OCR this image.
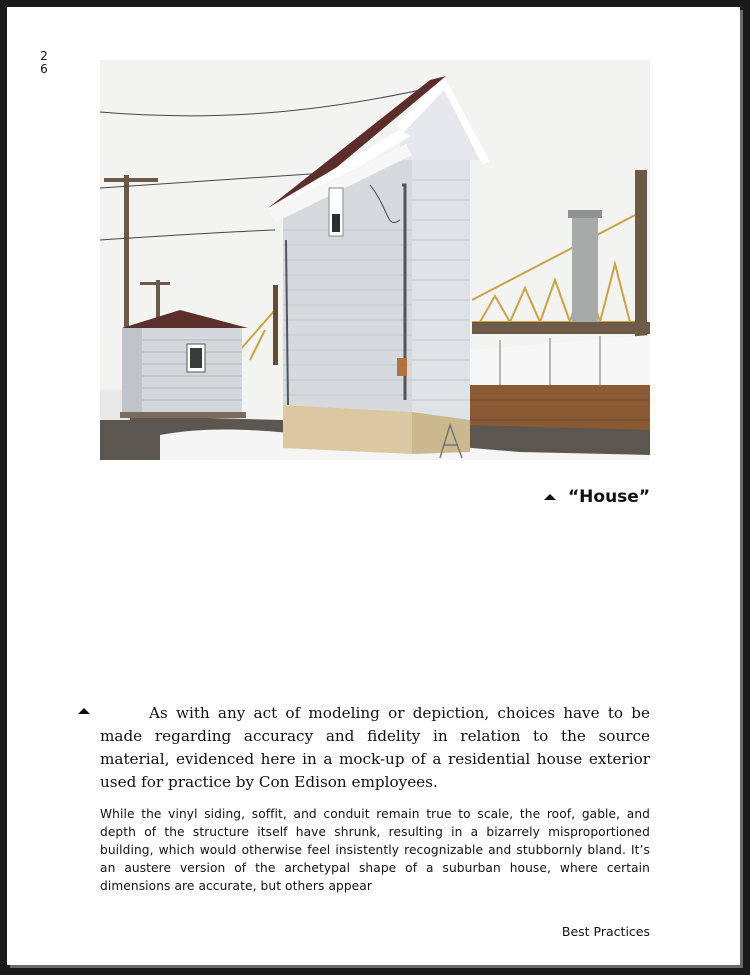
26
“House”

As with any act of modeling or depiction, choices have to be made regarding accuracy and fidelity in relation to the source material, evidenced here in a mock-up of a residential house exterior used for practice by Con Edison employees.

While the vinyl siding, soffit, and conduit remain true to scale, the roof, gable, and depth of the structure itself have shrunk, resulting in a bizarrely misproportioned building, which would otherwise feel insistently recognizable and stubbornly bland. It’s an austere version of the archetypal shape of a suburban house, where certain dimensions are accurate, but others appear

Best Practices
